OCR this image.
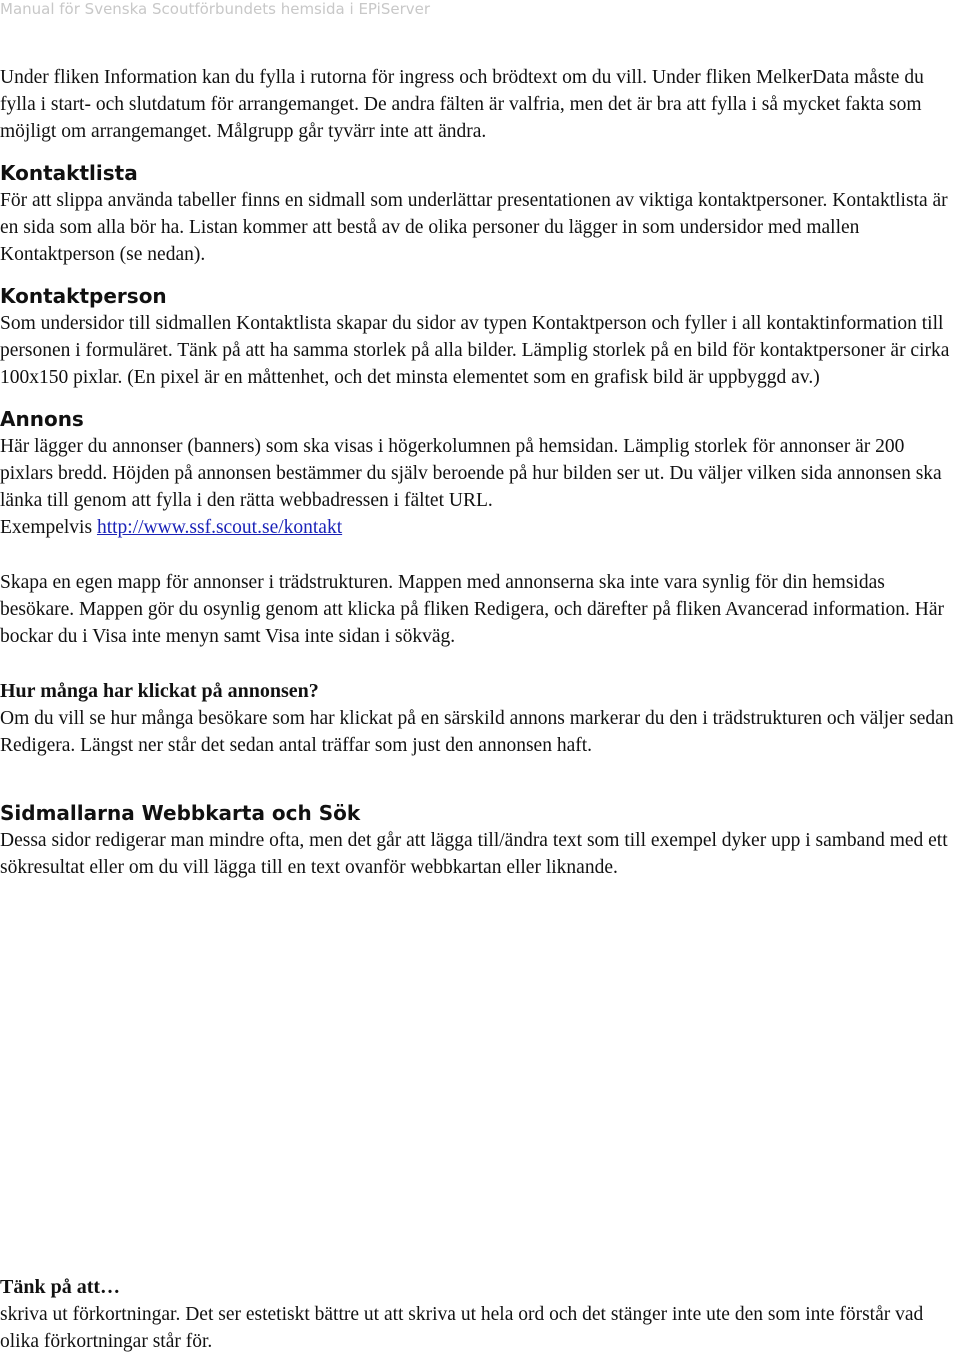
Manual för Svenska Scoutförbundets hemsida i EPiServer

Under fliken Information kan du fylla i rutorna för ingress och brödtext om du vill. Under fliken MelkerData måste du fylla i start- och slutdatum för arrangemanget. De andra fälten är valfria, men det är bra att fylla i så mycket fakta som möjligt om arrangemanget. Målgrupp går tyvärr inte att ändra.

Kontaktlista

För att slippa använda tabeller finns en sidmall som underlättar presentationen av viktiga kontaktpersoner. Kontaktlista är en sida som alla bör ha. Listan kommer att bestå av de olika personer du lägger in som undersidor med mallen Kontaktperson (se nedan).

Kontaktperson

Som undersidor till sidmallen Kontaktlista skapar du sidor av typen Kontaktperson och fyller i all kontaktinformation till personen i formuläret. Tänk på att ha samma storlek på alla bilder. Lämplig storlek på en bild för kontaktpersoner är cirka 100x150 pixlar. (En pixel är en måttenhet, och det minsta elementet som en grafisk bild är uppbyggd av.)

Annons

Här lägger du annonser (banners) som ska visas i högerkolumnen på hemsidan. Lämplig storlek för annonser är 200 pixlars bredd. Höjden på annonsen bestämmer du själv beroende på hur bilden ser ut. Du väljer vilken sida annonsen ska länka till genom att fylla i den rätta webbadressen i fältet URL.

Exempelvis http://www.ssf.scout.se/kontakt

Skapa en egen mapp för annonser i trädstrukturen. Mappen med annonserna ska inte vara synlig för din hemsidas besökare. Mappen gör du osynlig genom att klicka på fliken Redigera, och därefter på fliken Avancerad information. Här bockar du i Visa inte menyn samt Visa inte sidan i sökväg.

Hur många har klickat på annonsen?

Om du vill se hur många besökare som har klickat på en särskild annons markerar du den i trädstrukturen och väljer sedan Redigera. Längst ner står det sedan antal träffar som just den annonsen haft.

Sidmallarna Webbkarta och Sök

Dessa sidor redigerar man mindre ofta, men det går att lägga till/ändra text som till exempel dyker upp i samband med ett sökresultat eller om du vill lägga till en text ovanför webbkartan eller liknande.

Tänk på att…

skriva ut förkortningar. Det ser estetiskt bättre ut att skriva ut hela ord och det stänger inte ute den som inte förstår vad olika förkortningar står för.
